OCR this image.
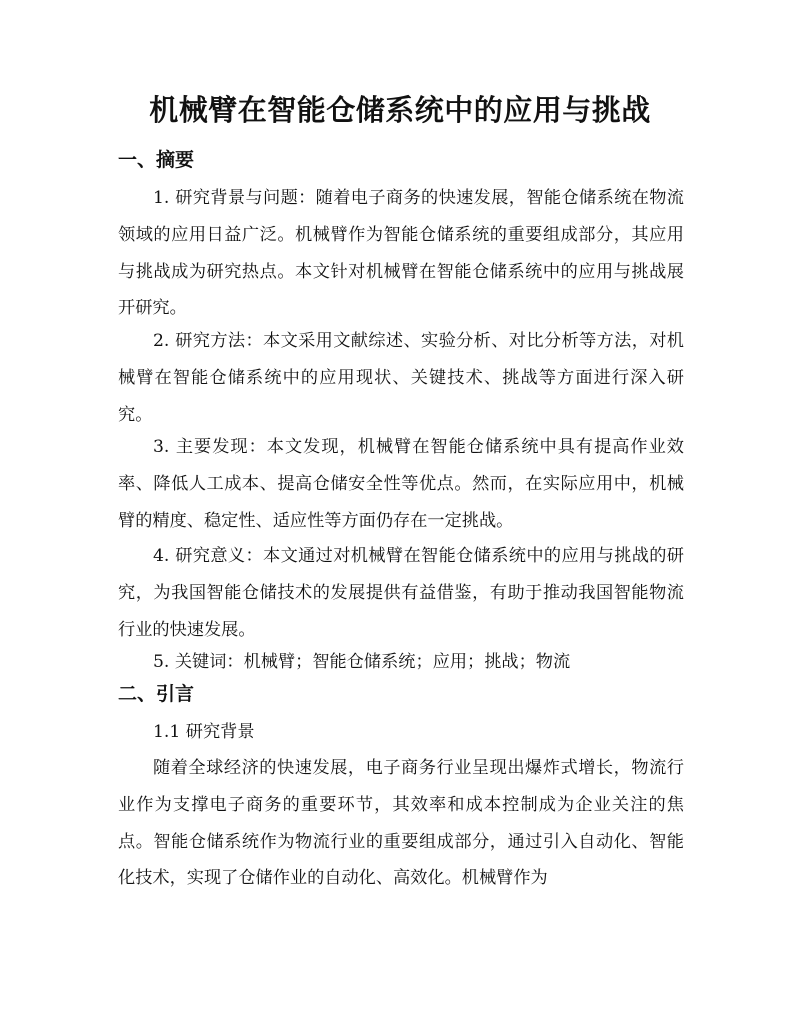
机械臂在智能仓储系统中的应用与挑战
一、摘要

1. 研究背景与问题：随着电子商务的快速发展，智能仓储系统在物流领域的应用日益广泛。机械臂作为智能仓储系统的重要组成部分，其应用与挑战成为研究热点。本文针对机械臂在智能仓储系统中的应用与挑战展开研究。

2. 研究方法：本文采用文献综述、实验分析、对比分析等方法，对机械臂在智能仓储系统中的应用现状、关键技术、挑战等方面进行深入研究。

3. 主要发现：本文发现，机械臂在智能仓储系统中具有提高作业效率、降低人工成本、提高仓储安全性等优点。然而，在实际应用中，机械臂的精度、稳定性、适应性等方面仍存在一定挑战。

4. 研究意义：本文通过对机械臂在智能仓储系统中的应用与挑战的研究，为我国智能仓储技术的发展提供有益借鉴，有助于推动我国智能物流行业的快速发展。

5. 关键词：机械臂；智能仓储系统；应用；挑战；物流

二、引言

1.1 研究背景

随着全球经济的快速发展，电子商务行业呈现出爆炸式增长，物流行业作为支撑电子商务的重要环节，其效率和成本控制成为企业关注的焦点。智能仓储系统作为物流行业的重要组成部分，通过引入自动化、智能化技术，实现了仓储作业的自动化、高效化。机械臂作为
